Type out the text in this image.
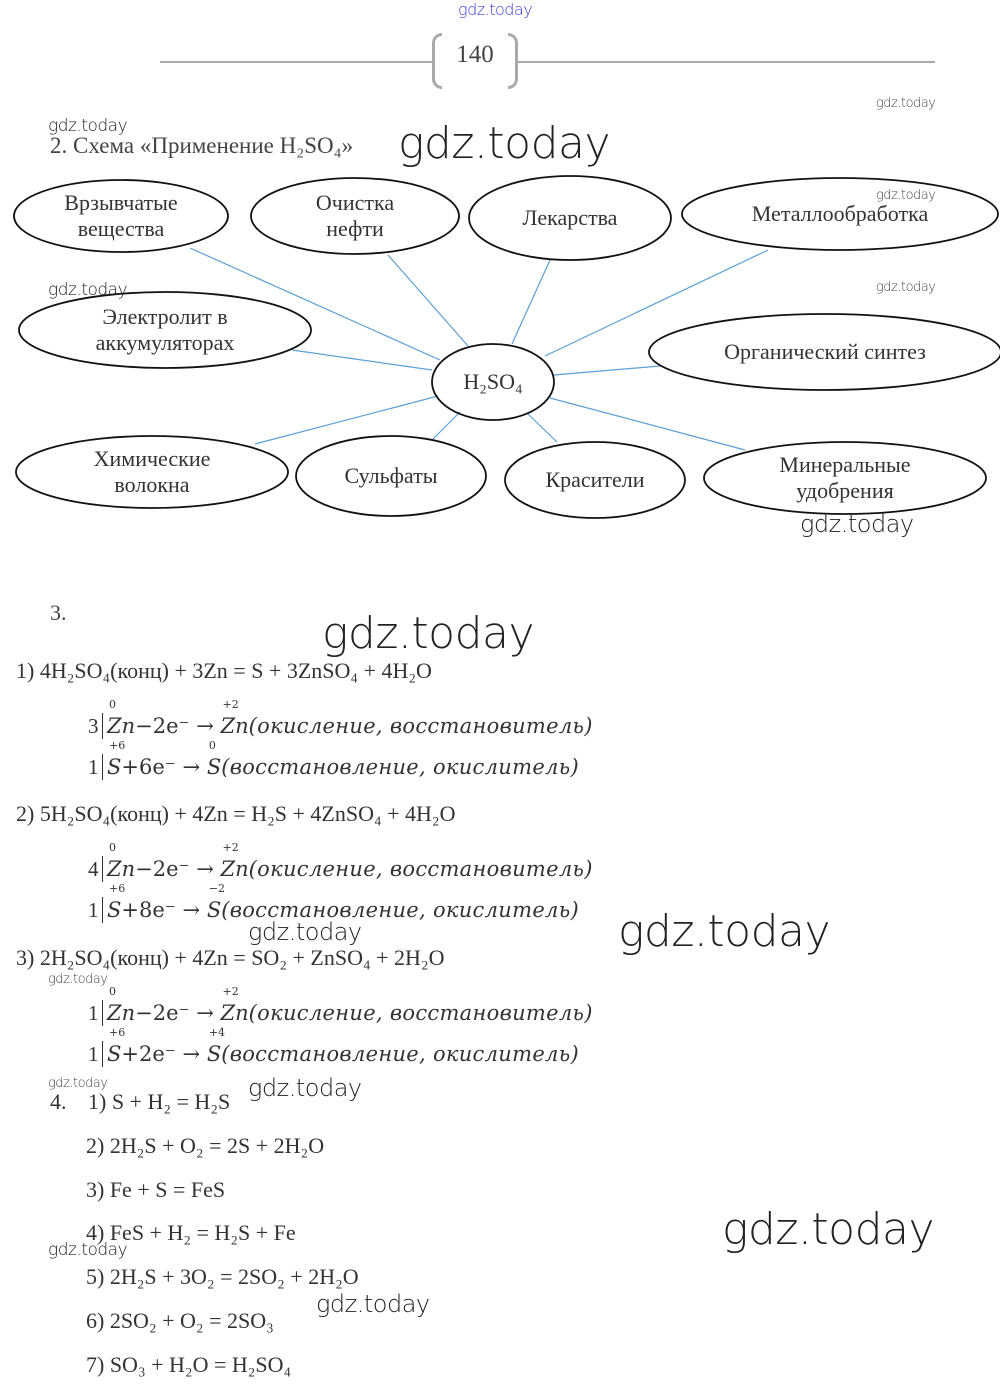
140
2. Схема «Применение H₂SO₄»
H₂SO₄
Врзывчатые
вещества
Очистка
нефти	Лекарства	Металлообработка
Электролит в
аккумуляторах	Органический синтез
Химические
волокна	Сульфаты	Красители
Минеральные
удобрения
3.
1) 4H₂SO₄(конц) + 3Zn = S + 3ZnSO₄ + 4H₂O
3
0
Zn−2e⁻ →
+2
Zn(окисление, восстановитель)
1
+6
S+6e⁻ →
0
S(восстановление, окислитель)
2) 5H₂SO₄(конц) + 4Zn = H₂S + 4ZnSO₄ + 4H₂O
4
0
Zn−2e⁻ →
+2
Zn(окисление, восстановитель)
1
+6
S+8e⁻ →
−2
S(восстановление, окислитель)
3) 2H₂SO₄(конц) + 4Zn = SO₂ + ZnSO₄ + 2H₂O
1
0
Zn−2e⁻ →
+2
Zn(окисление, восстановитель)
1
+6
S+2e⁻ →
+4
S(восстановление, окислитель)
4. 1) S + H₂ = H₂S
2) 2H₂S + O₂ = 2S + 2H₂O
3) Fe + S = FeS
4) FeS + H₂ = H₂S + Fe
5) 2H₂S + 3O₂ = 2SO₂ + 2H₂O
6) 2SO₂ + O₂ = 2SO₃
7) SO₃ + H₂O = H₂SO₄
gdz.today
gdz.today
gdz.today	gdz.today
gdz.today
gdz.today	gdz.today
gdz.today
gdz.today
gdz.today
gdz.today
gdz.today
gdz.today	gdz.today
gdz.today
gdz.today
gdz.today
